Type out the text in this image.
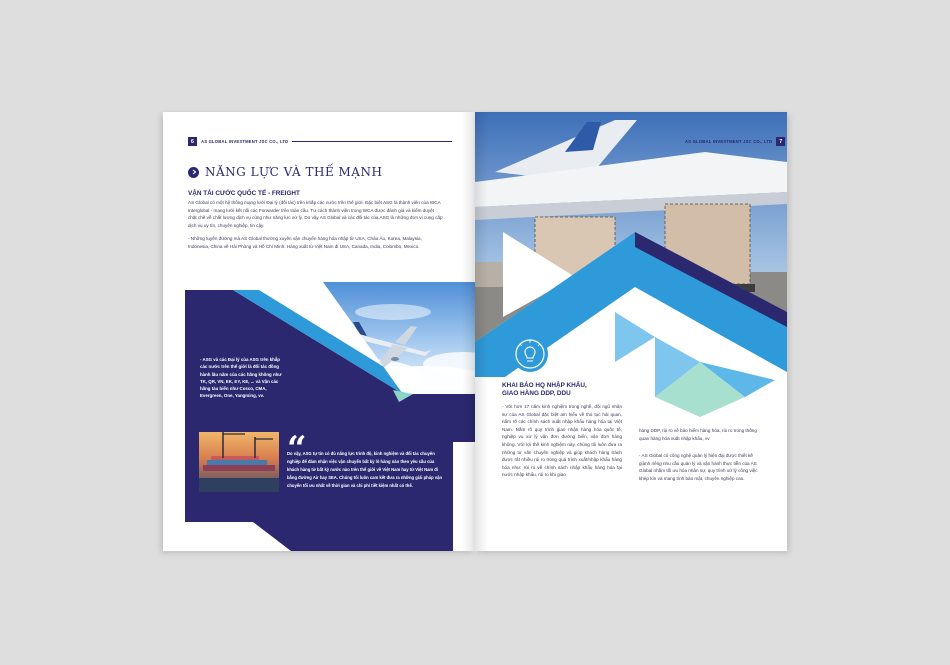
6	AS GLOBAL INVESTMENT JSC CO., LTD
NĂNG LỰC VÀ THẾ MẠNH
VẬN TẢI CƯỚC QUỐC TẾ - FREIGHT

AS Global có một hệ thống mạng lưới Đại lý (đối tác) trên khắp các nước trên thế giới. Đặc biệt ASG là thành viên của WCA Interglobal - mạng lưới kết nối các Forwarder trên toàn cầu. Tư cách thành viên trong WCA được đánh giá và kiểm duyệt chặt chẽ về chất lượng dịch vụ cũng như năng lực xử lý. Do vậy AS Global và các đối tác của ASG là những đơn vị cung cấp dịch vụ uy tín, chuyên nghiệp, tin cậy.

- Những tuyến đường mà AS Global thường xuyên vận chuyển hàng hóa nhập từ USA, Châu Âu, Korea, Malaysia, Indonesia, China về Hải Phòng và Hồ Chí Minh. Hàng xuất từ Việt Nam đi USA, Canada, India, Colombo, Mexico.

“
- ASG và các Đại lý của ASG trên khắp các nước trên thế giới là đối tác đồng hành lâu năm của các hãng không như TK, QR, VN, EK, EY, KE, ... và Vận các hãng tàu biển như Cosco, CMA, Evergreen, One, Yangming, vv.
Do vậy, ASG tự tin có đủ năng lực trình độ, kinh nghiệm và đối tác chuyên nghiệp để đảm nhận việc vận chuyển bất kỳ lô hàng nào theo yêu cầu của khách hàng từ bất kỳ nước nào trên thế giới về Việt Nam hay từ Việt Nam đi bằng đường Air hay SEA. Chúng tôi luôn cam kết đưa ra những giải pháp vận chuyển tối ưu nhất về thời gian và chi phí tiết kiệm nhất có thể.
AS GLOBAL INVESTMENT JSC CO., LTD	7
KHAI BÁO HQ NHẬP KHẨU,
GIAO HÀNG DDP, DDU
- Với hơn 17 năm kinh nghiệm trong nghề, đội ngũ nhân sự của AS Global đặc biệt am hiểu về thủ tục hải quan, nắm rõ các chính sách xuất nhập khẩu hàng hóa tại Việt Nam. Nắm rõ quy trình giao nhận hàng hóa quốc tế, nghiệp vụ xử lý vận đơn đường biển, vận đơn hàng không. Với lợi thế kinh nghiệm này, chúng tôi luôn đưa ra những tư vấn chuyên nghiệp và giúp khách hàng tránh được rất nhiều rủi ro trong quá trình xuất/nhập khẩu hàng hóa như: rủi ro về chính sách nhập khẩu hàng hóa tại nước nhập khẩu, rủi ro khi giao

hàng DDP, rủi ro về bảo hiểm hàng hóa, rủi ro trong thông quan hàng hóa xuất nhập khẩu, vv

- AS Global có công nghệ quản lý hiện đại được thiết kế giành riêng nhu cầu quản lý và vận hành thực tiễn của AS Global nhằm tối ưu hóa nhân sự, quy trình xử lý công việc khép kín và mang tính bảo mật, chuyên nghiệp cao.
